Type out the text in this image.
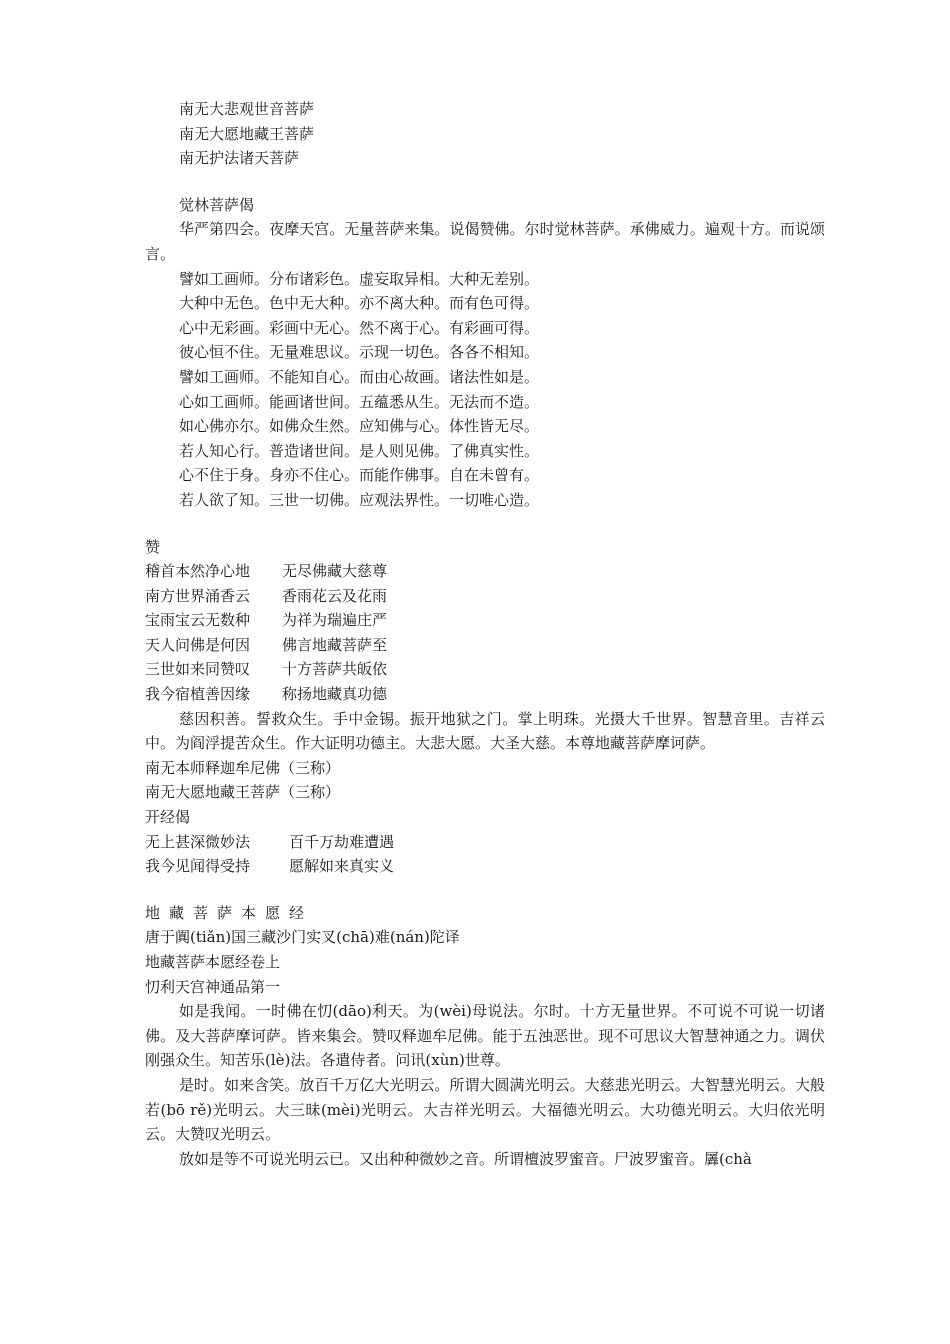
南无大悲观世音菩萨
南无大愿地藏王菩萨
南无护法诸天菩萨
觉林菩萨偈
华严第四会。夜摩天宫。无量菩萨来集。说偈赞佛。尔时觉林菩萨。承佛威力。遍观十方。而说颂言。
譬如工画师。分布诸彩色。虚妄取异相。大种无差别。
大种中无色。色中无大种。亦不离大种。而有色可得。
心中无彩画。彩画中无心。然不离于心。有彩画可得。
彼心恒不住。无量难思议。示现一切色。各各不相知。
譬如工画师。不能知自心。而由心故画。诸法性如是。
心如工画师。能画诸世间。五蕴悉从生。无法而不造。
如心佛亦尔。如佛众生然。应知佛与心。体性皆无尽。
若人知心行。普造诸世间。是人则见佛。了佛真实性。
心不住于身。身亦不住心。而能作佛事。自在未曾有。
若人欲了知。三世一切佛。应观法界性。一切唯心造。
赞
稽首本然净心地	无尽佛藏大慈尊
南方世界涌香云	香雨花云及花雨
宝雨宝云无数种	为祥为瑞遍庄严
天人问佛是何因	佛言地藏菩萨至
三世如来同赞叹	十方菩萨共皈依
我今宿植善因缘	称扬地藏真功德
慈因积善。誓救众生。手中金锡。振开地狱之门。掌上明珠。光摄大千世界。智慧音里。吉祥云中。为阎浮提苦众生。作大证明功德主。大悲大愿。大圣大慈。本尊地藏菩萨摩诃萨。
南无本师释迦牟尼佛（三称）
南无大愿地藏王菩萨（三称）
开经偈
无上甚深微妙法	百千万劫难遭遇
我今见闻得受持	愿解如来真实义
地藏菩萨本愿经
唐于阗(tiǎn)国三藏沙门实叉(chā)难(nán)陀译
地藏菩萨本愿经卷上
忉利天宫神通品第一
如是我闻。一时佛在忉(dāo)利天。为(wèi)母说法。尔时。十方无量世界。不可说不可说一切诸佛。及大菩萨摩诃萨。皆来集会。赞叹释迦牟尼佛。能于五浊恶世。现不可思议大智慧神通之力。调伏刚强众生。知苦乐(lè)法。各遣侍者。问讯(xùn)世尊。
是时。如来含笑。放百千万亿大光明云。所谓大圆满光明云。大慈悲光明云。大智慧光明云。大般若(bō rě)光明云。大三昧(mèi)光明云。大吉祥光明云。大福德光明云。大功德光明云。大归依光明云。大赞叹光明云。
放如是等不可说光明云已。又出种种微妙之音。所谓檀波罗蜜音。尸波罗蜜音。羼(chà
